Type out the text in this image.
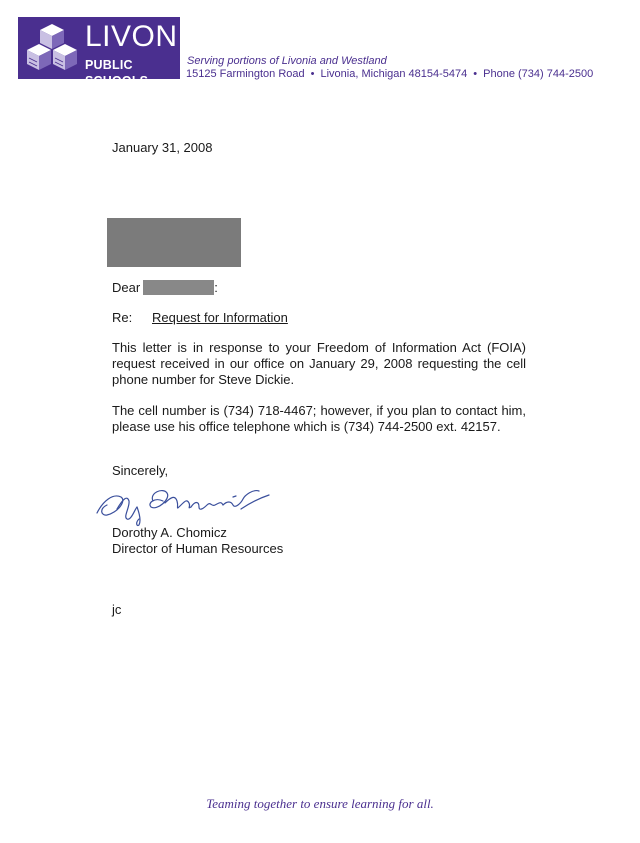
LIVONIA
PUBLIC SCHOOLS
Serving portions of Livonia and Westland
15125 Farmington Road • Livonia, Michigan 48154-5474 • Phone (734) 744-2500
January 31, 2008
Dear	:
Re: Request for Information
This letter is in response to your Freedom of Information Act (FOIA) request received in our office on January 29, 2008 requesting the cell phone number for Steve Dickie.
The cell number is (734) 718-4467; however, if you plan to contact him, please use his office telephone which is (734) 744-2500 ext. 42157.
Sincerely,
Dorothy A. Chomicz
Director of Human Resources
jc
Teaming together to ensure learning for all.
